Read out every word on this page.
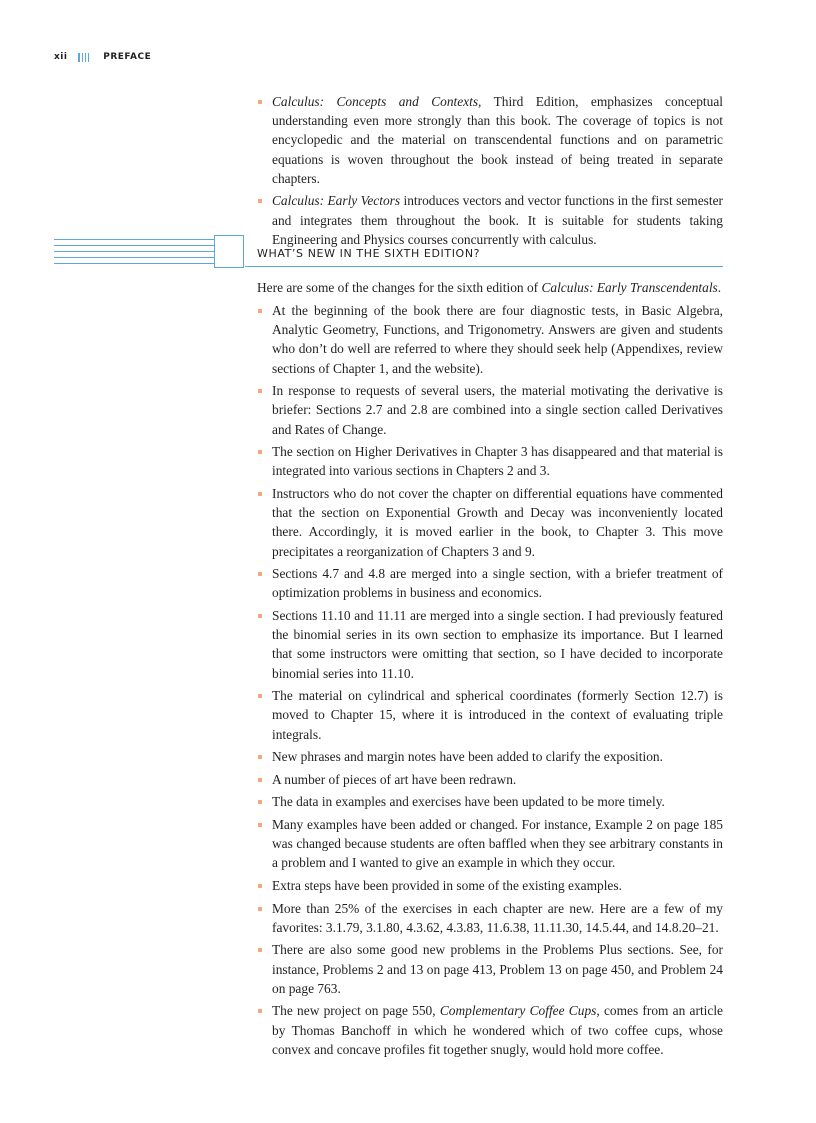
xii	PREFACE
Calculus: Concepts and Contexts, Third Edition, emphasizes conceptual understanding even more strongly than this book. The coverage of topics is not encyclopedic and the material on transcendental functions and on parametric equations is woven throughout the book instead of being treated in separate chapters.
Calculus: Early Vectors introduces vectors and vector functions in the first semester and integrates them throughout the book. It is suitable for students taking Engineering and Physics courses concurrently with calculus.
WHAT’S NEW IN THE SIXTH EDITION?
Here are some of the changes for the sixth edition of Calculus: Early Transcendentals.
At the beginning of the book there are four diagnostic tests, in Basic Algebra, Analytic Geometry, Functions, and Trigonometry. Answers are given and students who don’t do well are referred to where they should seek help (Appendixes, review sections of Chapter 1, and the website).
In response to requests of several users, the material motivating the derivative is briefer: Sections 2.7 and 2.8 are combined into a single section called Derivatives and Rates of Change.
The section on Higher Derivatives in Chapter 3 has disappeared and that material is integrated into various sections in Chapters 2 and 3.
Instructors who do not cover the chapter on differential equations have commented that the section on Exponential Growth and Decay was inconveniently located there. Accordingly, it is moved earlier in the book, to Chapter 3. This move precipitates a reorganization of Chapters 3 and 9.
Sections 4.7 and 4.8 are merged into a single section, with a briefer treatment of optimization problems in business and economics.
Sections 11.10 and 11.11 are merged into a single section. I had previously featured the binomial series in its own section to emphasize its importance. But I learned that some instructors were omitting that section, so I have decided to incorporate binomial series into 11.10.
The material on cylindrical and spherical coordinates (formerly Section 12.7) is moved to Chapter 15, where it is introduced in the context of evaluating triple integrals.
New phrases and margin notes have been added to clarify the exposition.
A number of pieces of art have been redrawn.
The data in examples and exercises have been updated to be more timely.
Many examples have been added or changed. For instance, Example 2 on page 185 was changed because students are often baffled when they see arbitrary constants in a problem and I wanted to give an example in which they occur.
Extra steps have been provided in some of the existing examples.
More than 25% of the exercises in each chapter are new. Here are a few of my favorites: 3.1.79, 3.1.80, 4.3.62, 4.3.83, 11.6.38, 11.11.30, 14.5.44, and 14.8.20–21.
There are also some good new problems in the Problems Plus sections. See, for instance, Problems 2 and 13 on page 413, Problem 13 on page 450, and Problem 24 on page 763.
The new project on page 550, Complementary Coffee Cups, comes from an article by Thomas Banchoff in which he wondered which of two coffee cups, whose convex and concave profiles fit together snugly, would hold more coffee.
